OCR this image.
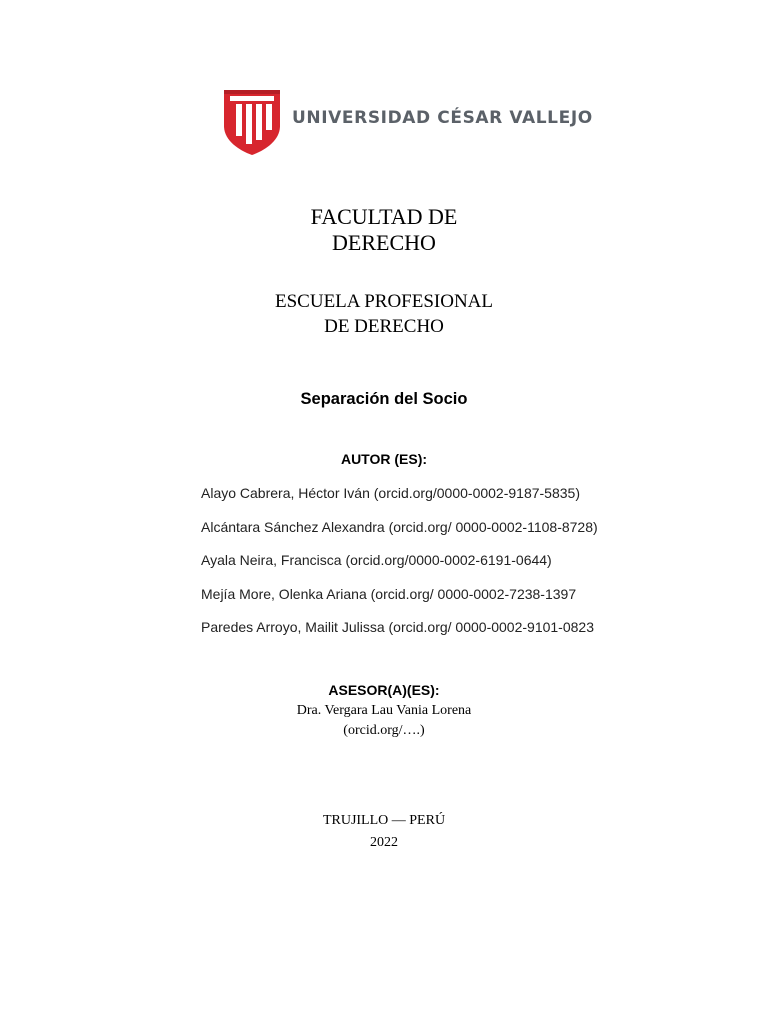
UNIVERSIDAD CÉSAR VALLEJO
FACULTAD DE
DERECHO
ESCUELA PROFESIONAL
DE DERECHO
Separación del Socio
AUTOR (ES):
Alayo Cabrera, Héctor Iván (orcid.org/0000-0002-9187-5835)
Alcántara Sánchez Alexandra (orcid.org/ 0000-0002-1108-8728)
Ayala Neira, Francisca (orcid.org/0000-0002-6191-0644)
Mejía More, Olenka Ariana (orcid.org/ 0000-0002-7238-1397
Paredes Arroyo, Mailit Julissa (orcid.org/ 0000-0002-9101-0823
ASESOR(A)(ES):
Dra. Vergara Lau Vania Lorena
(orcid.org/….)
TRUJILLO — PERÚ
2022
